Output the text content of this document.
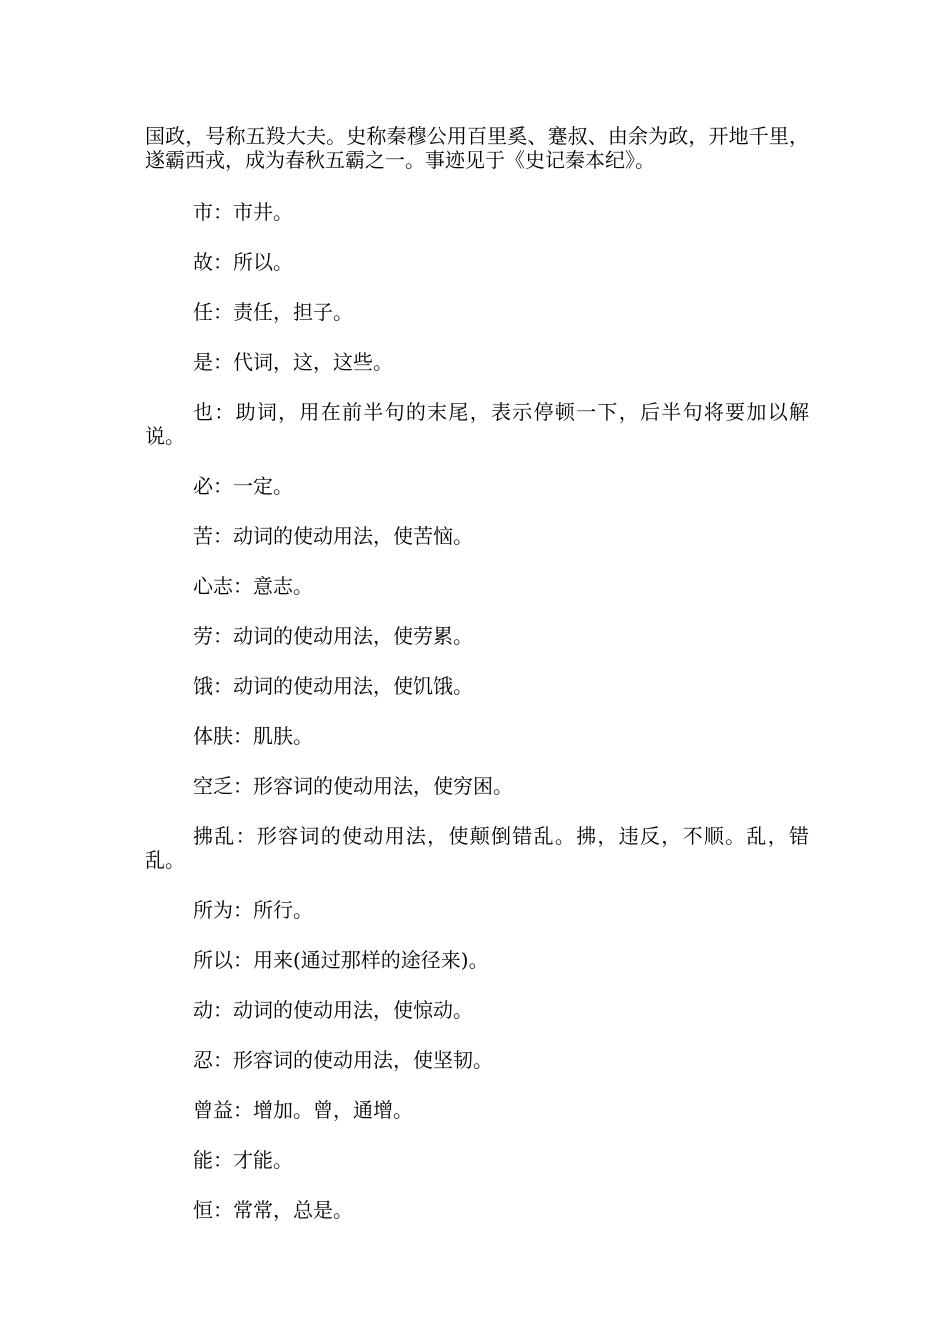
国政，号称五羖大夫。史称秦穆公用百里奚、蹇叔、由余为政，开地千里，遂霸西戎，成为春秋五霸之一。事迹见于《史记秦本纪》。

市：市井。

故：所以。

任：责任，担子。

是：代词，这，这些。

也：助词，用在前半句的末尾，表示停顿一下，后半句将要加以解说。

必：一定。

苦：动词的使动用法，使苦恼。

心志：意志。

劳：动词的使动用法，使劳累。

饿：动词的使动用法，使饥饿。

体肤：肌肤。

空乏：形容词的使动用法，使穷困。

拂乱：形容词的使动用法，使颠倒错乱。拂，违反，不顺。乱，错乱。

所为：所行。

所以：用来(通过那样的途径来)。

动：动词的使动用法，使惊动。

忍：形容词的使动用法，使坚韧。

曾益：增加。曾，通增。

能：才能。

恒：常常，总是。
